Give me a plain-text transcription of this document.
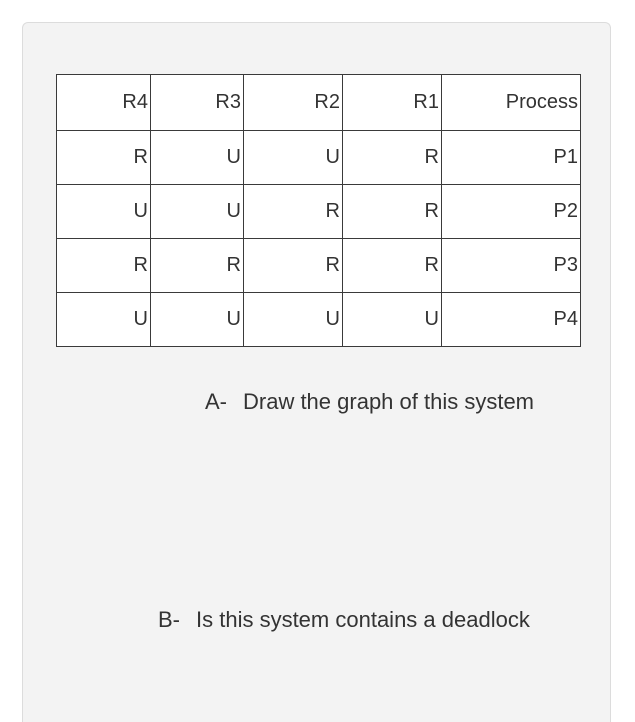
R4	R3	R2	R1	Process
R	U	U	R	P1
U	U	R	R	P2
R	R	R	R	P3
U	U	U	U	P4
A- Draw the graph of this system
B- Is this system contains a deadlock
